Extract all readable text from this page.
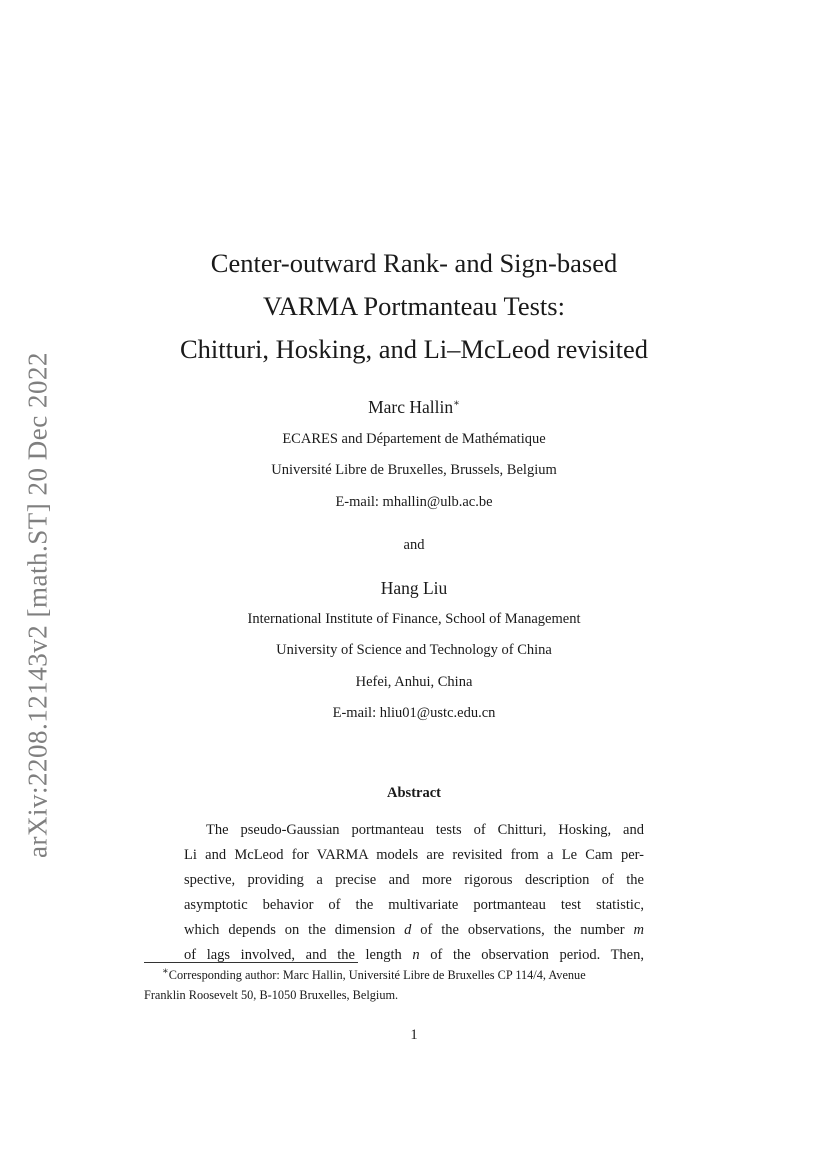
arXiv:2208.12143v2 [math.ST] 20 Dec 2022
Center-outward Rank- and Sign-based
VARMA Portmanteau Tests:
Chitturi, Hosking, and Li–McLeod revisited
Marc Hallin∗
ECARES and Département de Mathématique
Université Libre de Bruxelles, Brussels, Belgium
E-mail: mhallin@ulb.ac.be
and
Hang Liu
International Institute of Finance, School of Management
University of Science and Technology of China
Hefei, Anhui, China
E-mail: hliu01@ustc.edu.cn
Abstract
The pseudo-Gaussian portmanteau tests of Chitturi, Hosking, and
Li and McLeod for VARMA models are revisited from a Le Cam per-
spective, providing a precise and more rigorous description of the
asymptotic behavior of the multivariate portmanteau test statistic,
which depends on the dimension d of the observations, the number m
of lags involved, and the length n of the observation period. Then,
∗Corresponding author: Marc Hallin, Université Libre de Bruxelles CP 114/4, Avenue
Franklin Roosevelt 50, B-1050 Bruxelles, Belgium.
1
